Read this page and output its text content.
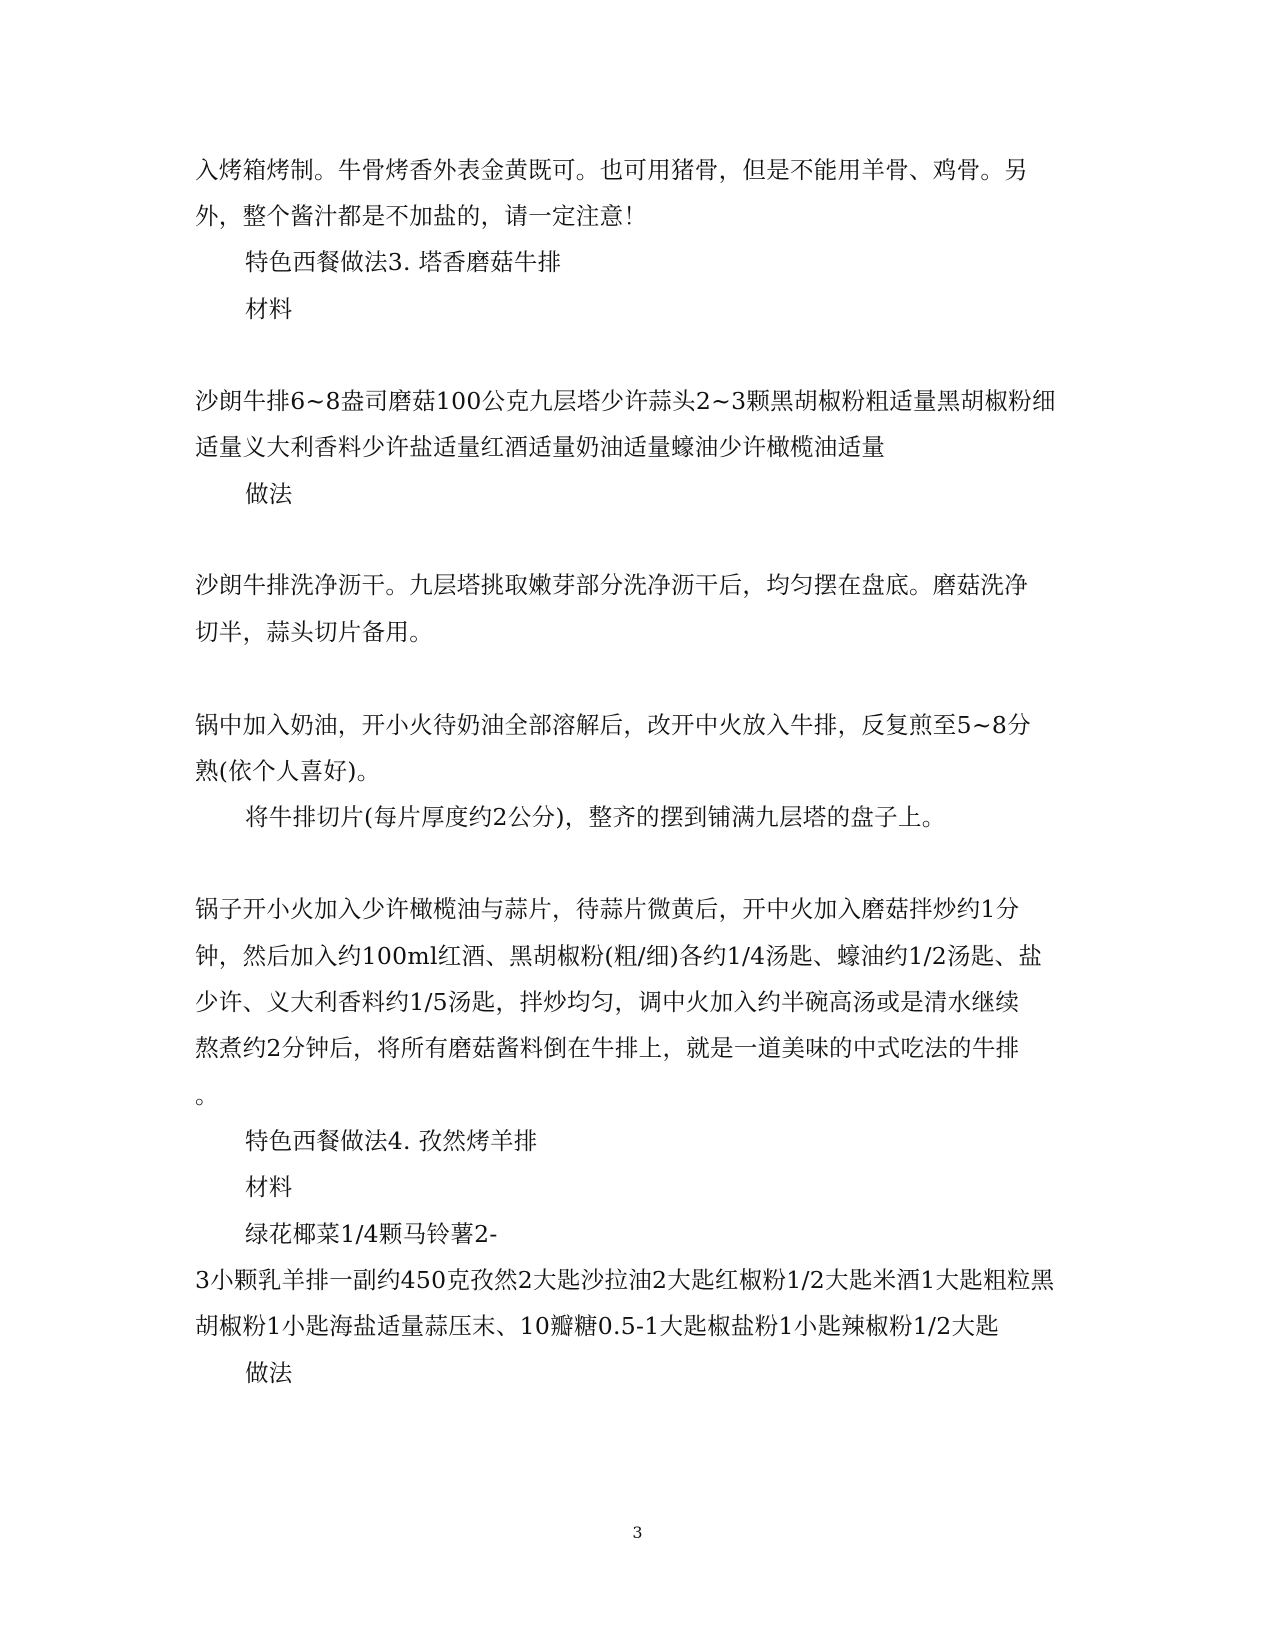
入烤箱烤制。牛骨烤香外表金黄既可。也可用猪骨，但是不能用羊骨、鸡骨。另
外，整个酱汁都是不加盐的，请一定注意！
特色西餐做法3. 塔香磨菇牛排
材料
沙朗牛排6~8盎司磨菇100公克九层塔少许蒜头2~3颗黑胡椒粉粗适量黑胡椒粉细
适量义大利香料少许盐适量红酒适量奶油适量蠔油少许橄榄油适量
做法
沙朗牛排洗净沥干。九层塔挑取嫩芽部分洗净沥干后，均匀摆在盘底。磨菇洗净
切半，蒜头切片备用。
锅中加入奶油，开小火待奶油全部溶解后，改开中火放入牛排，反复煎至5~8分
熟(依个人喜好)。
将牛排切片(每片厚度约2公分)，整齐的摆到铺满九层塔的盘子上。
锅子开小火加入少许橄榄油与蒜片，待蒜片微黄后，开中火加入磨菇拌炒约1分
钟，然后加入约100ml红酒、黑胡椒粉(粗/细)各约1/4汤匙、蠔油约1/2汤匙、盐
少许、义大利香料约1/5汤匙，拌炒均匀，调中火加入约半碗高汤或是清水继续
熬煮约2分钟后，将所有磨菇酱料倒在牛排上，就是一道美味的中式吃法的牛排
。
特色西餐做法4. 孜然烤羊排
材料
绿花椰菜1/4颗马铃薯2-
3小颗乳羊排一副约450克孜然2大匙沙拉油2大匙红椒粉1/2大匙米酒1大匙粗粒黑
胡椒粉1小匙海盐适量蒜压末、10瓣糖0.5-1大匙椒盐粉1小匙辣椒粉1/2大匙
做法
3
